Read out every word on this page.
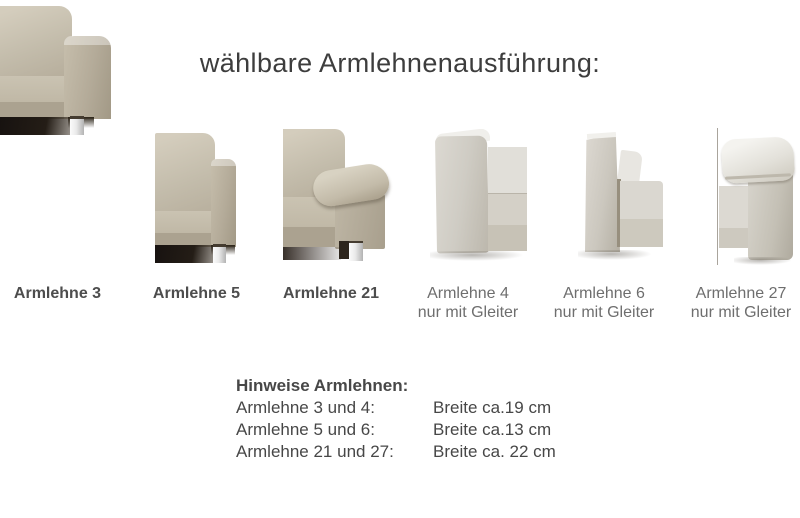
wählbare Armlehnenausführung:
Armlehne 3	Armlehne 5	Armlehne 21	Armlehne 4
nur mit Gleiter
Armlehne 6
nur mit Gleiter
Armlehne 27
nur mit Gleiter
Hinweise Armlehnen:
Armlehne 3 und 4:	Breite ca.19 cm
Armlehne 5 und 6:	Breite ca.13 cm
Armlehne 21 und 27:	Breite ca. 22 cm
